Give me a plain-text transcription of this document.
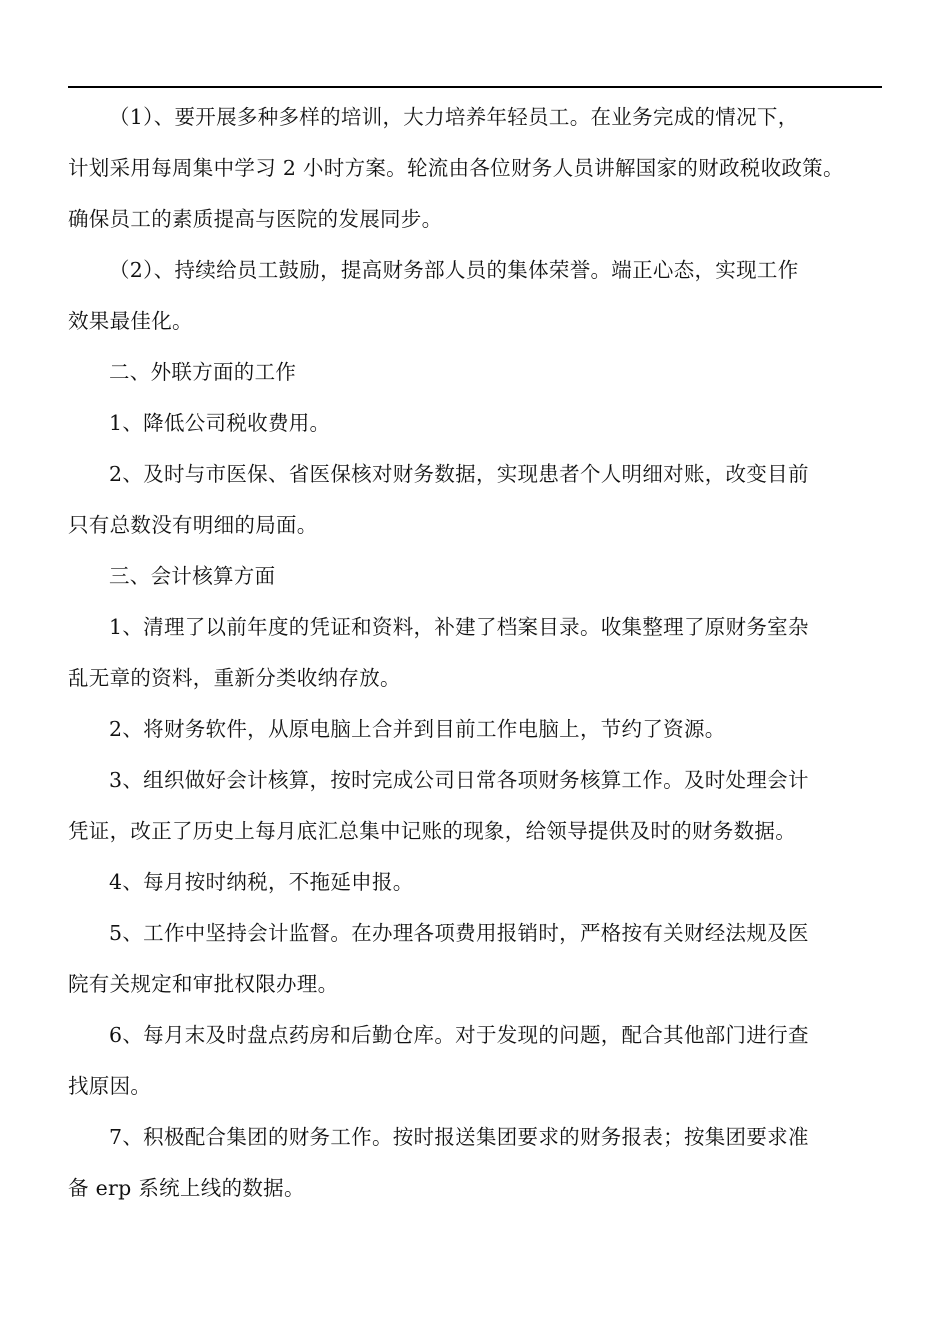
（1）、要开展多种多样的培训，大力培养年轻员工。在业务完成的情况下，
计划采用每周集中学习 2 小时方案。轮流由各位财务人员讲解国家的财政税收政策。
确保员工的素质提高与医院的发展同步。

（2）、持续给员工鼓励，提高财务部人员的集体荣誉。端正心态，实现工作
效果最佳化。

二、外联方面的工作

1、降低公司税收费用。

2、及时与市医保、省医保核对财务数据，实现患者个人明细对账，改变目前
只有总数没有明细的局面。

三、会计核算方面

1、清理了以前年度的凭证和资料，补建了档案目录。收集整理了原财务室杂
乱无章的资料，重新分类收纳存放。

2、将财务软件，从原电脑上合并到目前工作电脑上，节约了资源。

3、组织做好会计核算，按时完成公司日常各项财务核算工作。及时处理会计
凭证，改正了历史上每月底汇总集中记账的现象，给领导提供及时的财务数据。

4、每月按时纳税，不拖延申报。

5、工作中坚持会计监督。在办理各项费用报销时，严格按有关财经法规及医
院有关规定和审批权限办理。

6、每月末及时盘点药房和后勤仓库。对于发现的问题，配合其他部门进行查
找原因。

7、积极配合集团的财务工作。按时报送集团要求的财务报表；按集团要求准
备 erp 系统上线的数据。
